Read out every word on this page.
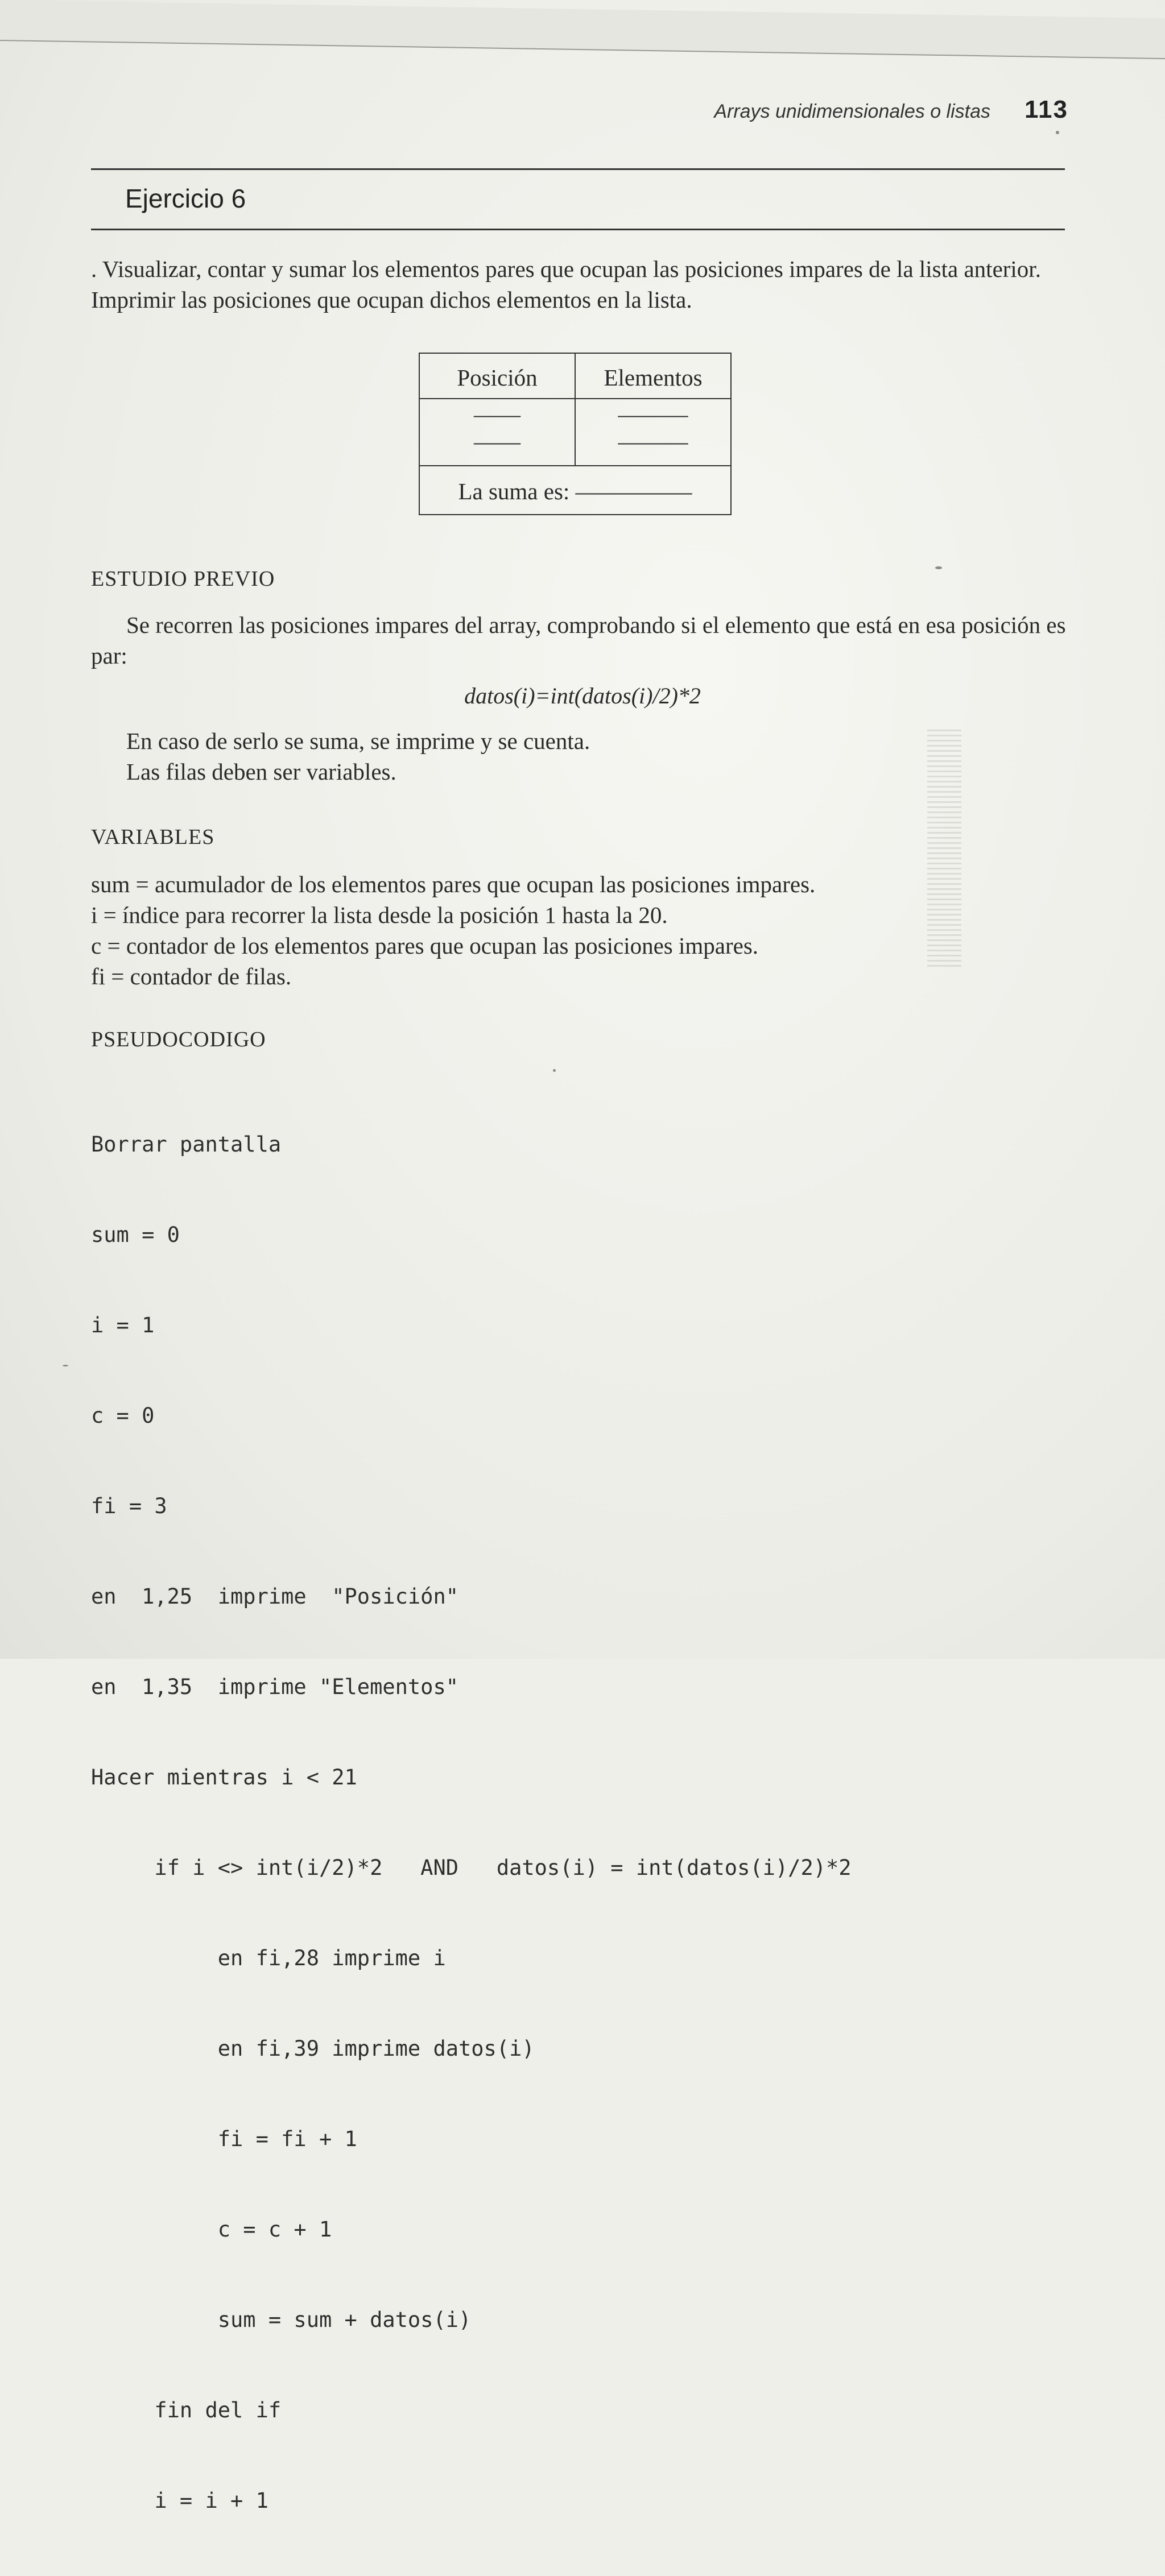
Arrays unidimensionales o listas 113
Ejercicio 6
. Visualizar, contar y sumar los elementos pares que ocupan las posiciones impares de la lista anterior. Imprimir las posiciones que ocupan dichos elementos en la lista.
Posición	Elementos
——	———
——	———
La suma es: —————
ESTUDIO PREVIO
Se recorren las posiciones impares del array, comprobando si el elemento que está en esa posición es par:
datos(i)=int(datos(i)/2)*2
En caso de serlo se suma, se imprime y se cuenta.
Las filas deben ser variables.
VARIABLES
sum = acumulador de los elementos pares que ocupan las posiciones impares.
i = índice para recorrer la lista desde la posición 1 hasta la 20.
c = contador de los elementos pares que ocupan las posiciones impares.
fi = contador de filas.
PSEUDOCODIGO

Borrar pantalla

sum = 0

i = 1

c = 0

fi = 3

en  1,25  imprime  "Posición"

en  1,35  imprime "Elementos"

Hacer mientras i < 21

if i <> int(i/2)*2   AND   datos(i) = int(datos(i)/2)*2

en fi,28 imprime i

en fi,39 imprime datos(i)

fi = fi + 1

c = c + 1

sum = sum + datos(i)

fin del if

i = i + 1
